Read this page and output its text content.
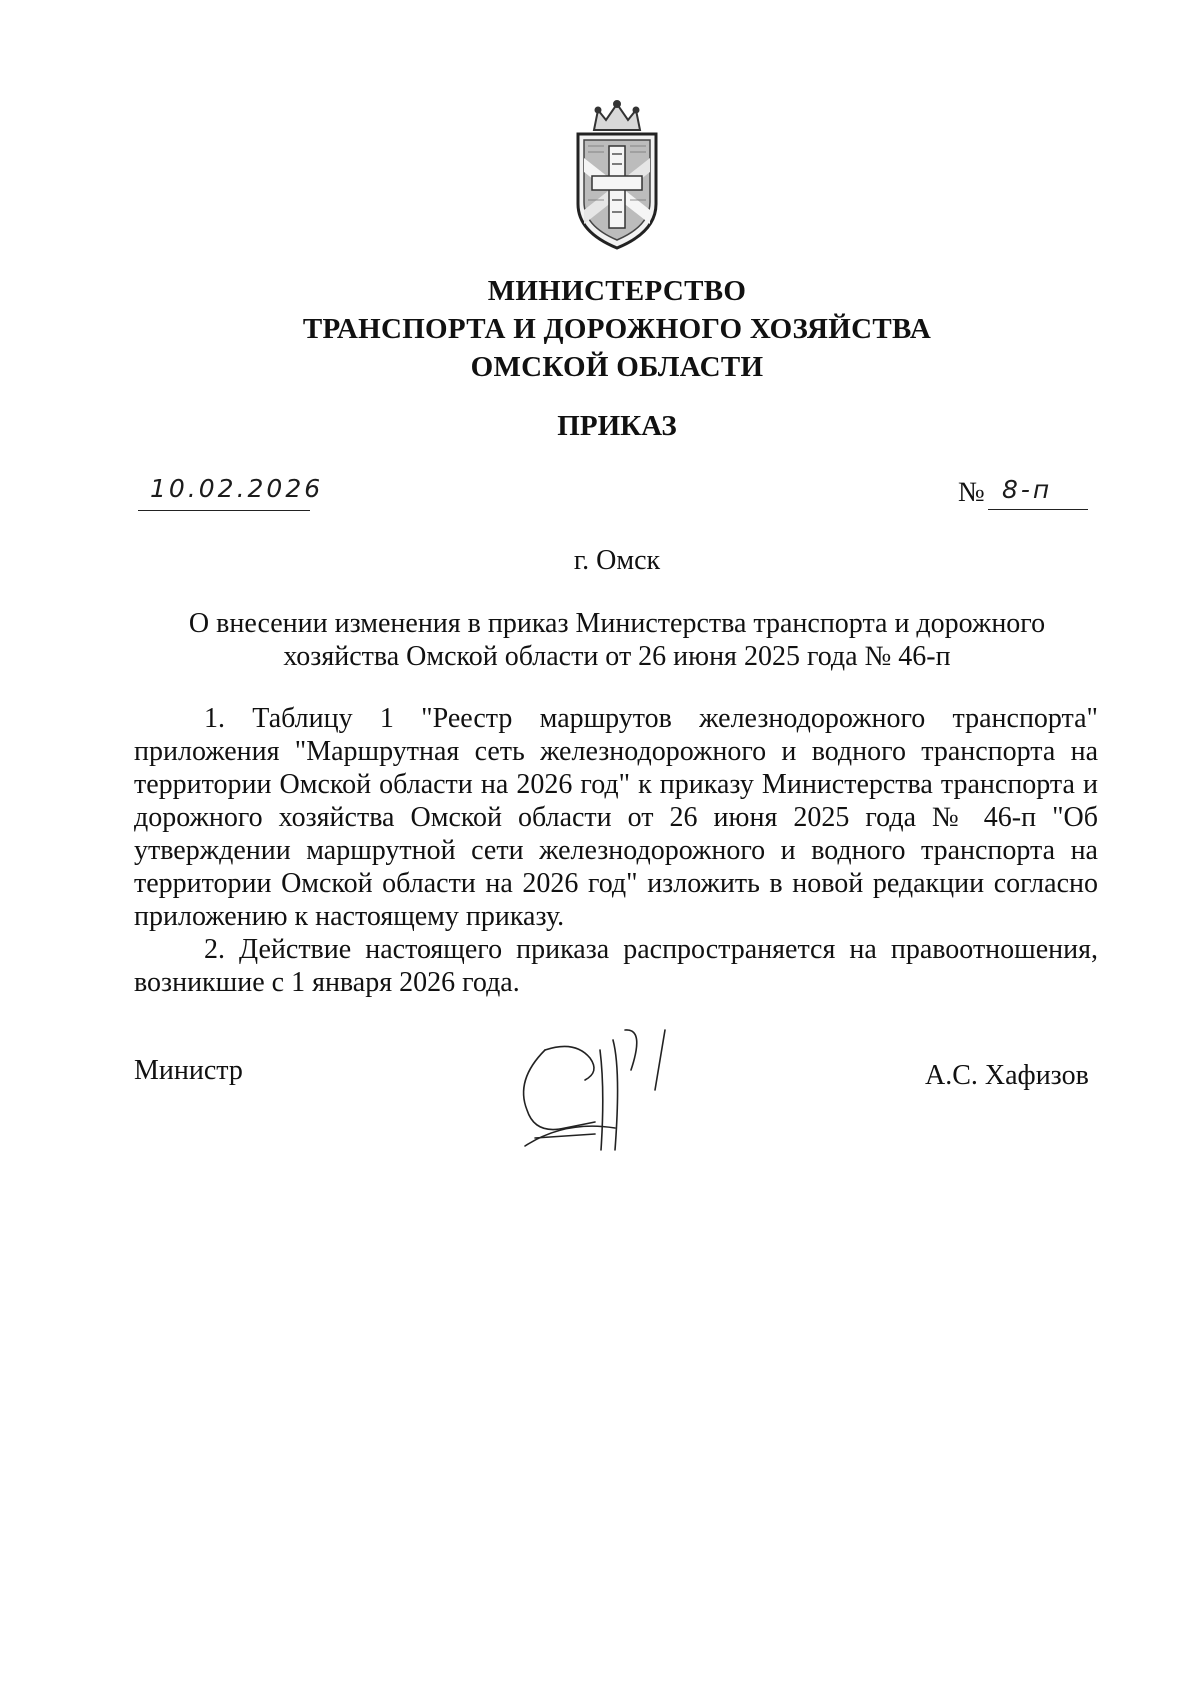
МИНИСТЕРСТВО
ТРАНСПОРТА И ДОРОЖНОГО ХОЗЯЙСТВА
ОМСКОЙ ОБЛАСТИ
ПРИКАЗ
10.02.2026	№ 8-п
г. Омск
О внесении изменения в приказ Министерства транспорта и дорожного хозяйства Омской области от 26 июня 2025 года № 46-п

1. Таблицу 1 "Реестр маршрутов железнодорожного транспорта" приложения "Маршрутная сеть железнодорожного и водного транспорта на территории Омской области на 2026 год" к приказу Министерства транспорта и дорожного хозяйства Омской области от 26 июня 2025 года № 46-п "Об утверждении маршрутной сети железнодорожного и водного транспорта на территории Омской области на 2026 год" изложить в новой редакции согласно приложению к настоящему приказу.

2. Действие настоящего приказа распространяется на правоотношения, возникшие с 1 января 2026 года.

Министр	А.С. Хафизов
